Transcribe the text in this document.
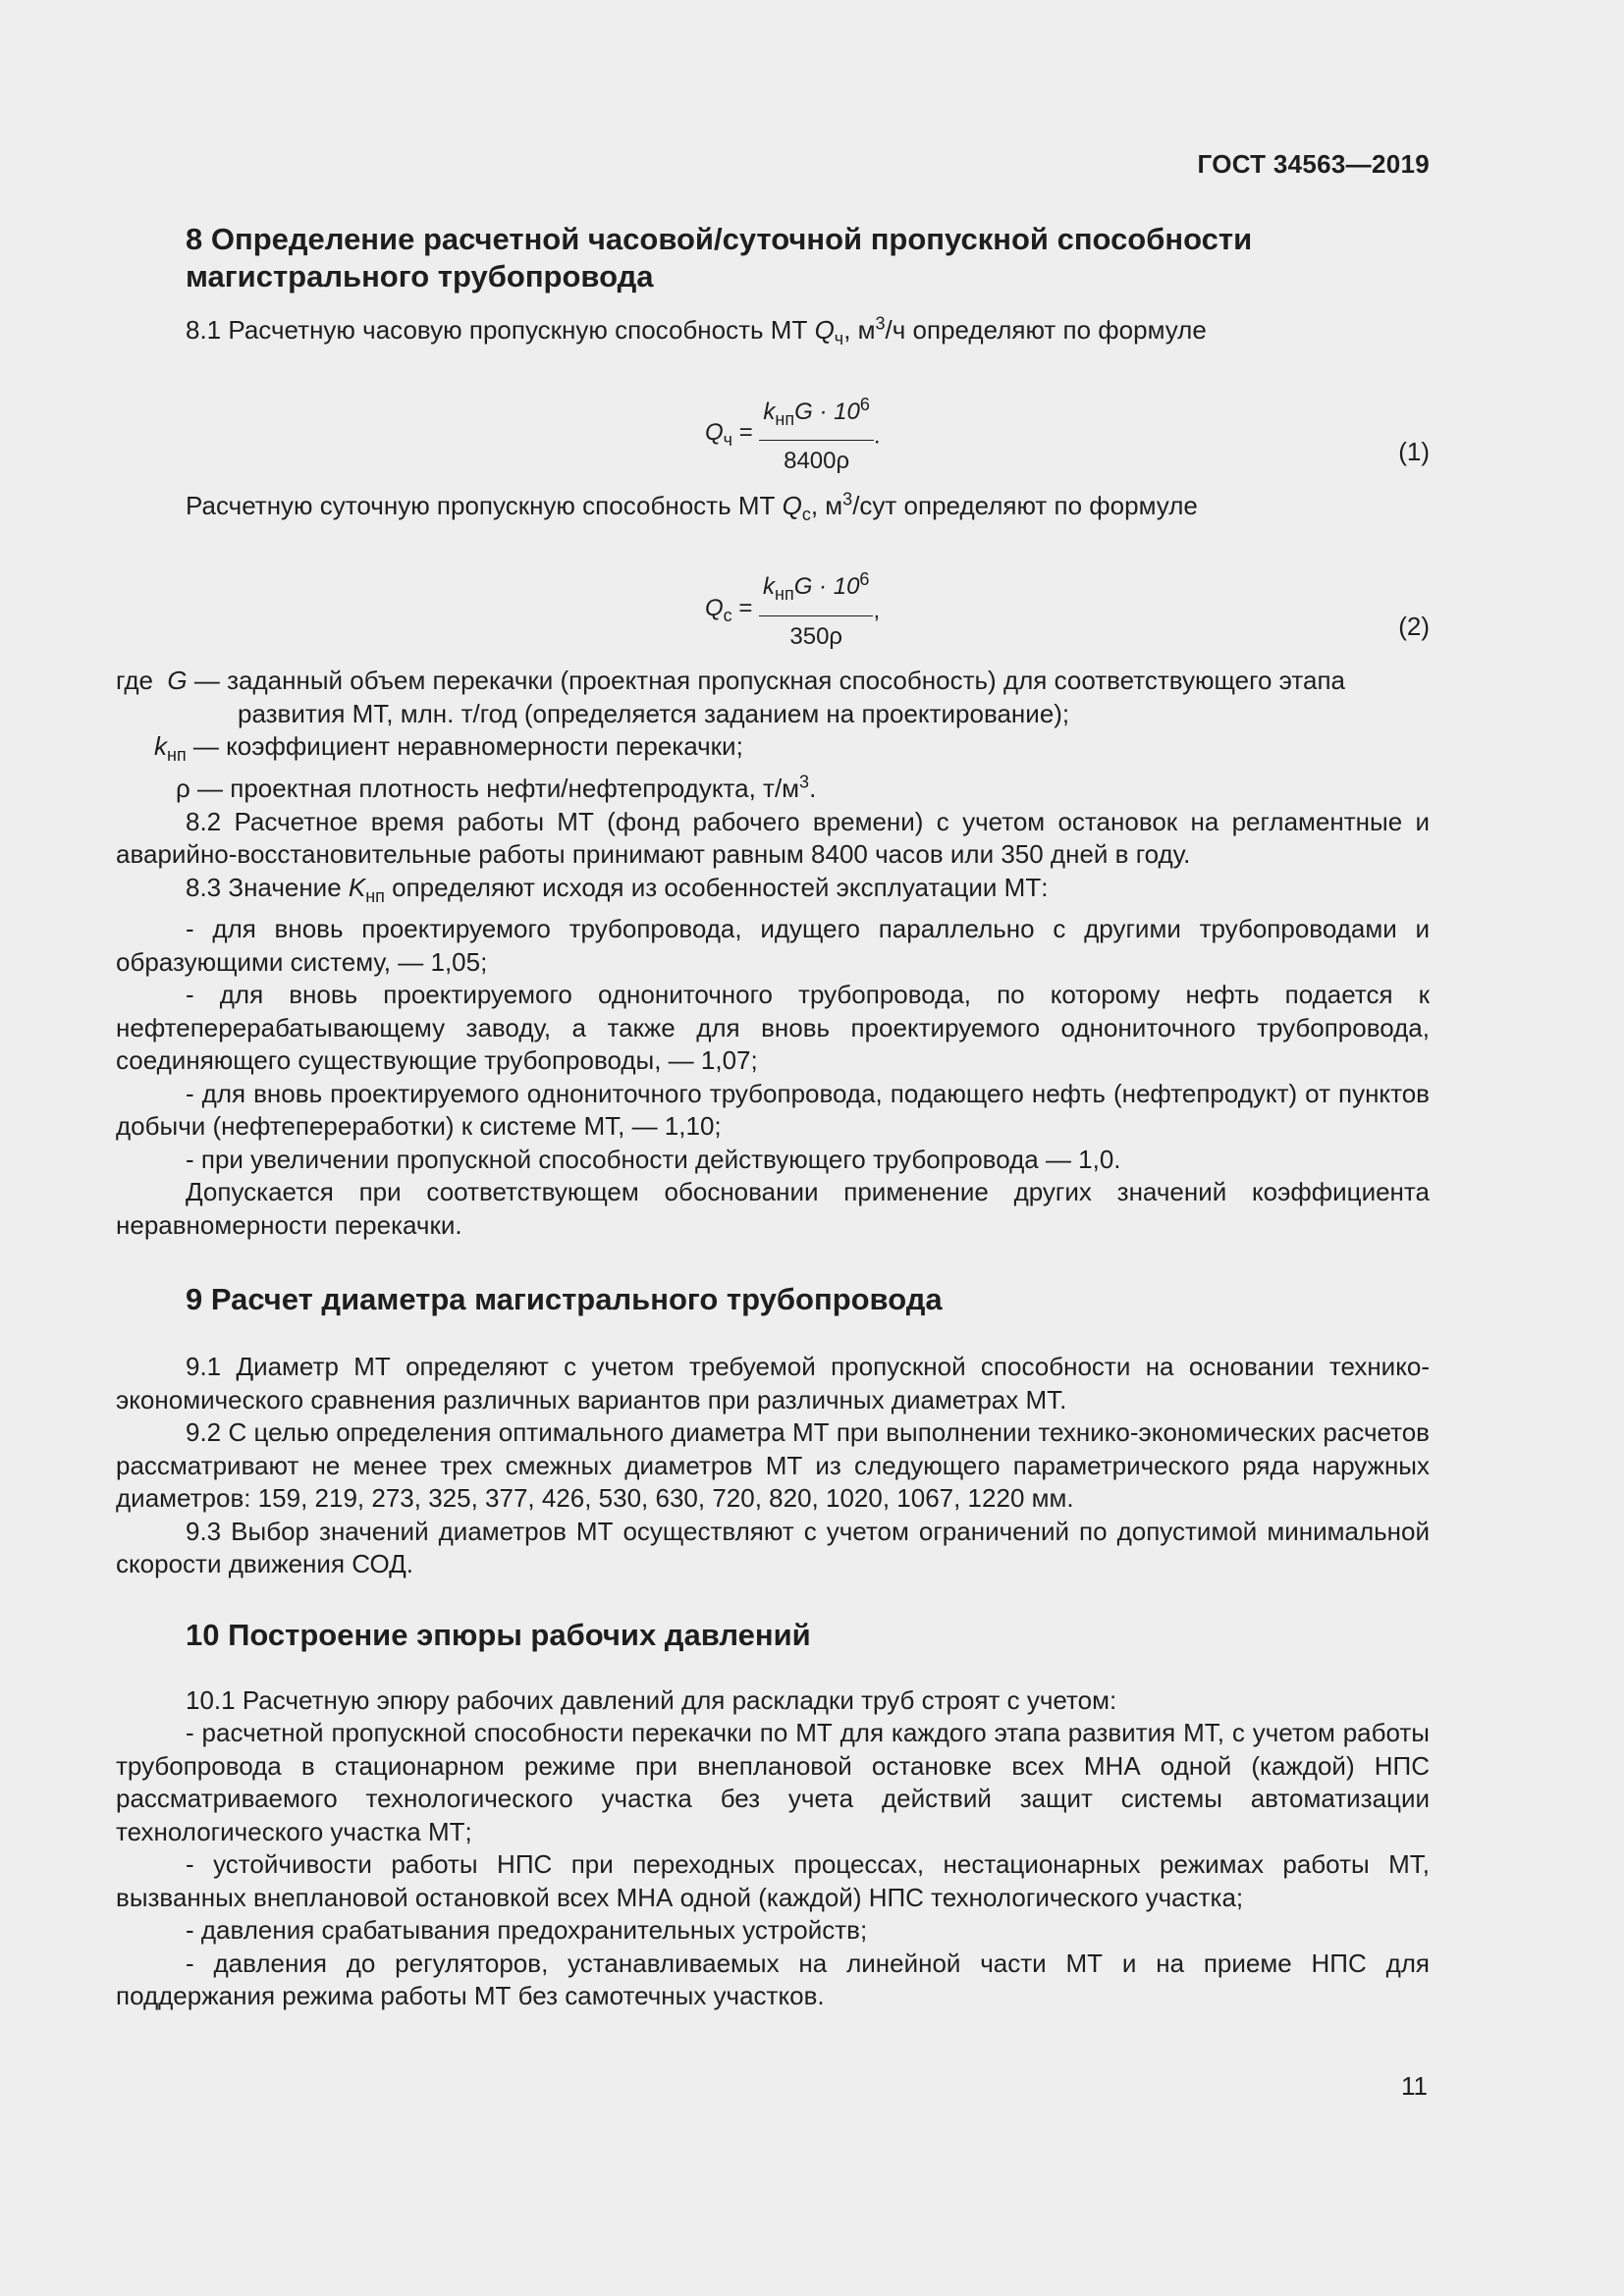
ГОСТ 34563—2019
8 Определение расчетной часовой/суточной пропускной способности магистрального трубопровода

8.1 Расчетную часовую пропускную способность МТ $Q_ч$, $м^3/ч$ определяют по формуле

$Q_ч = \frac{k_{нп}G \cdot 10^6}{8400\rho}$ .
(1)

Расчетную суточную пропускную способность МТ $Q_с$, $м^3$/сут определяют по формуле

$Q_с = \frac{k_{нп}G \cdot 10^6}{350\rho}$ ,
(2)
где  G — заданный объем перекачки (проектная пропускная способность) для соответствующего этапа
развития МТ, млн. т/год (определяется заданием на проектирование);
$k_{нп}$ — коэффициент неравномерности перекачки;
ρ — проектная плотность нефти/нефтепродукта, $т/м^3$.

8.2 Расчетное время работы МТ (фонд рабочего времени) с учетом остановок на регламентные и аварийно-восстановительные работы принимают равным 8400 часов или 350 дней в году.

8.3 Значение $K_{нп}$ определяют исходя из особенностей эксплуатации МТ:

- для вновь проектируемого трубопровода, идущего параллельно с другими трубопроводами и образующими систему, — 1,05;

- для вновь проектируемого однониточного трубопровода, по которому нефть подается к нефтеперерабатывающему заводу, а также для вновь проектируемого однониточного трубопровода, соединяющего существующие трубопроводы, — 1,07;

- для вновь проектируемого однониточного трубопровода, подающего нефть (нефтепродукт) от пунктов добычи (нефтепереработки) к системе МТ, — 1,10;

- при увеличении пропускной способности действующего трубопровода — 1,0.

Допускается при соответствующем обосновании применение других значений коэффициента неравномерности перекачки.

9 Расчет диаметра магистрального трубопровода

9.1 Диаметр МТ определяют с учетом требуемой пропускной способности на основании технико-экономического сравнения различных вариантов при различных диаметрах МТ.

9.2 С целью определения оптимального диаметра МТ при выполнении технико-экономических расчетов рассматривают не менее трех смежных диаметров МТ из следующего параметрического ряда наружных диаметров: 159, 219, 273, 325, 377, 426, 530, 630, 720, 820, 1020, 1067, 1220 мм.

9.3 Выбор значений диаметров МТ осуществляют с учетом ограничений по допустимой минимальной скорости движения СОД.

10 Построение эпюры рабочих давлений

10.1 Расчетную эпюру рабочих давлений для раскладки труб строят с учетом:

- расчетной пропускной способности перекачки по МТ для каждого этапа развития МТ, с учетом работы трубопровода в стационарном режиме при внеплановой остановке всех МНА одной (каждой) НПС рассматриваемого технологического участка без учета действий защит системы автоматизации технологического участка МТ;

- устойчивости работы НПС при переходных процессах, нестационарных режимах работы МТ, вызванных внеплановой остановкой всех МНА одной (каждой) НПС технологического участка;

- давления срабатывания предохранительных устройств;

- давления до регуляторов, устанавливаемых на линейной части МТ и на приеме НПС для поддержания режима работы МТ без самотечных участков.

11
